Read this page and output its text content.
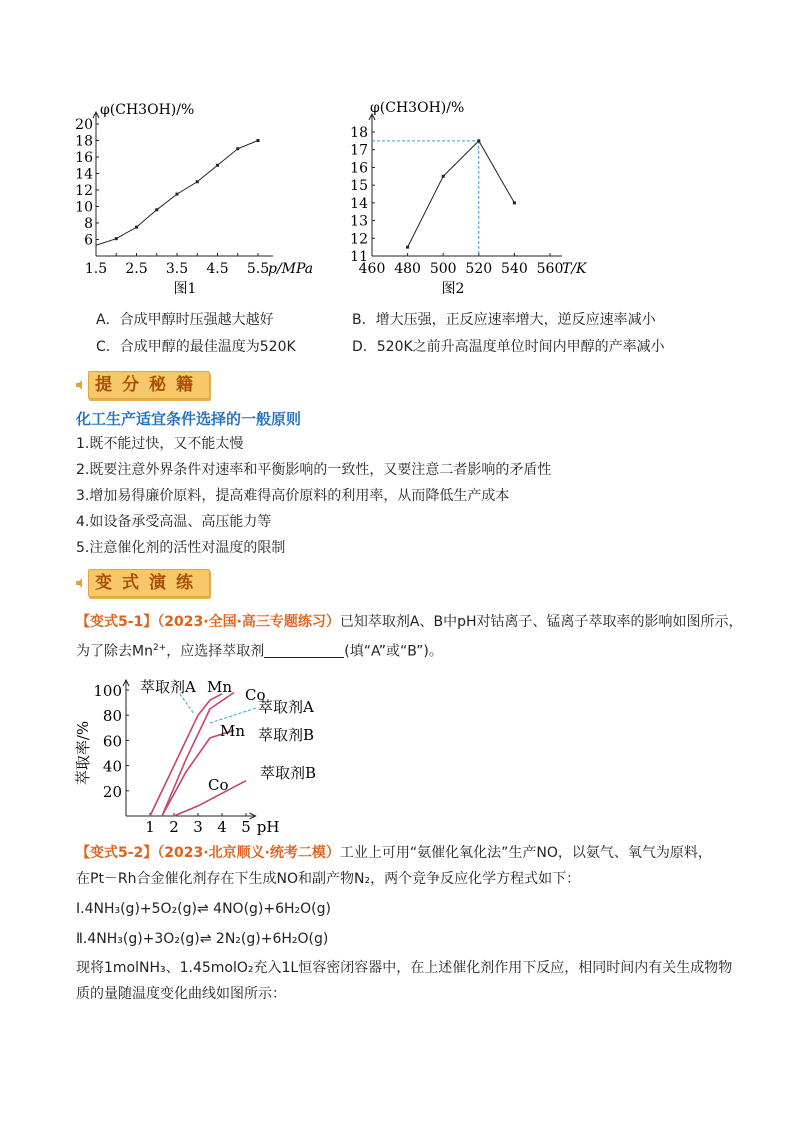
6
8
10
12
14
16
18
20
1.5 2.5 3.5 4.5 5.5
p/MPa
φ(CH3OH)/%
图1
11
12
13
14
15
16
17
18
460 480 500 520 540 560
T/K
φ(CH3OH)/%
图2
A．合成甲醇时压强越大越好	B．增大压强，正反应速率增大，逆反应速率减小
C．合成甲醇的最佳温度为520K	D．520K之前升高温度单位时间内甲醇的产率减小
提分秘籍
化工生产适宜条件选择的一般原则
1.既不能过快，又不能太慢
2.既要注意外界条件对速率和平衡影响的一致性，又要注意二者影响的矛盾性
3.增加易得廉价原料，提高难得高价原料的利用率，从而降低生产成本
4.如设备承受高温、高压能力等
5.注意催化剂的活性对温度的限制
变式演练
【变式5-1】（2023·全国·高三专题练习）已知萃取剂A、B中pH对钴离子、锰离子萃取率的影响如图所示，
为了除去$Mn^{2+}$，应选择萃取剂	(填“A”或“B”)。
20
40
60
80
100
1 2 3 4 5 pH
萃取率/%
萃取剂A Mn Co
萃取剂A
Mn 萃取剂B
Co
萃取剂B
【变式5-2】（2023·北京顺义·统考二模）工业上可用“氨催化氧化法”生产NO，以氨气、氧气为原料，
在Pt－Rh合金催化剂存在下生成NO和副产物N₂，两个竞争反应化学方程式如下：
Ⅰ.4NH₃(g)+5O₂(g)⇌ 4NO(g)+6H₂O(g)
Ⅱ.4NH₃(g)+3O₂(g)⇌ 2N₂(g)+6H₂O(g)
现将1molNH₃、1.45molO₂充入1L恒容密闭容器中，在上述催化剂作用下反应，相同时间内有关生成物物
质的量随温度变化曲线如图所示：
